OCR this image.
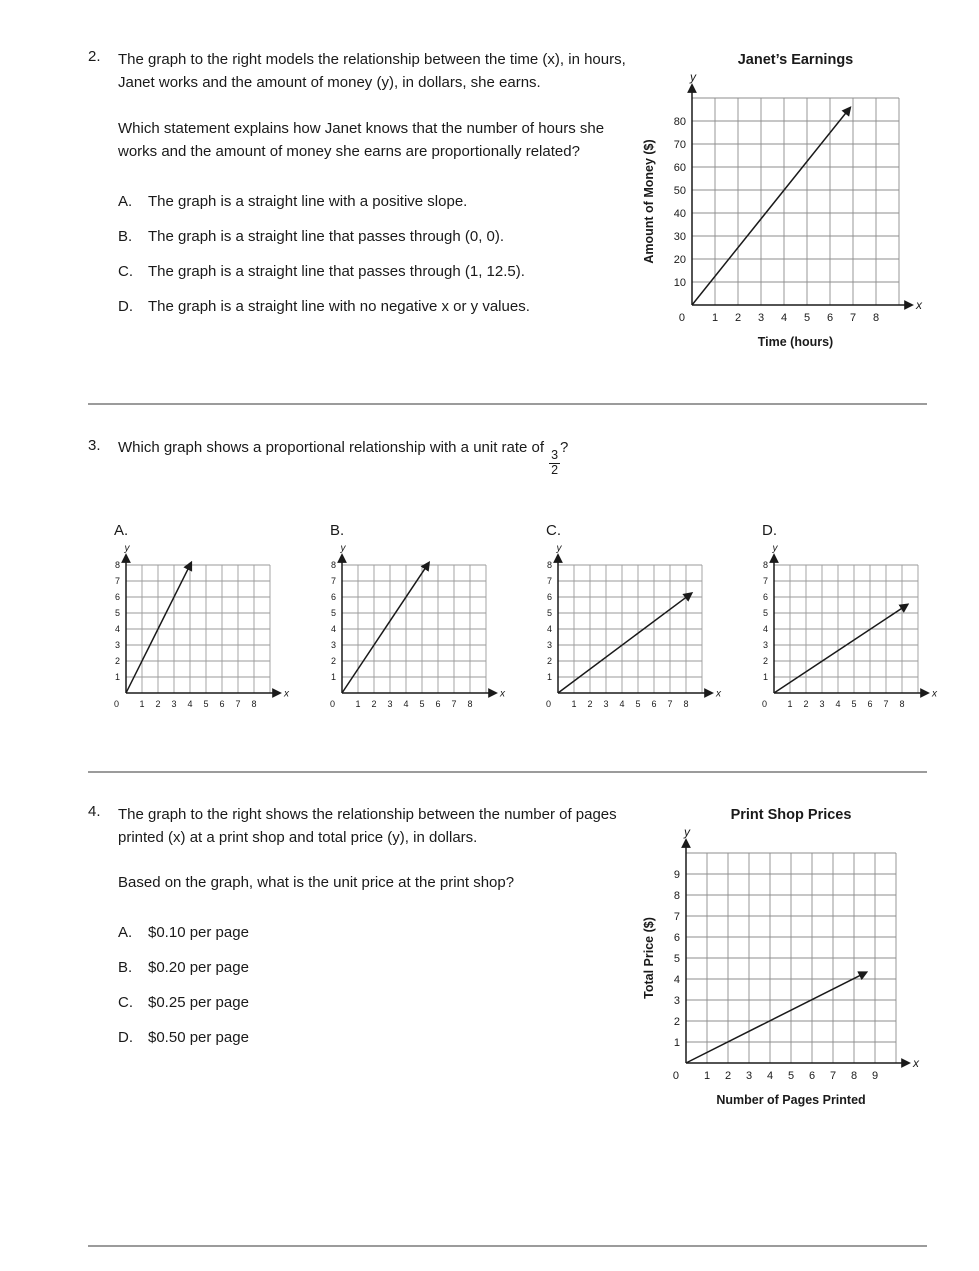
2.	The graph to the right models the relationship between the time (x), in hours, Janet works and the amount of money (y), in dollars, she earns.

Which statement explains how Janet knows that the number of hours she works and the amount of money she earns are proportionally related?

A.	The graph is a straight line with a positive slope.
B.	The graph is a straight line that passes through (0, 0).
C.	The graph is a straight line that passes through (1, 12.5).
D.	The graph is a straight line with no negative x or y values.
10
20
30
40
50
60
70
80
1 2 3 4 5 6 7 8
0
y
x
Janet’s Earnings
Time (hours)
Amount of Money ($)
3.	Which graph shows a proportional relationship with a unit rate of
$\frac{3}{2}$
?

A.
1
2
3
4
5
6
7
8
1 2 3 4 5 6 7 8
0
y
x
B.
1
2
3
4
5
6
7
8
1 2 3 4 5 6 7 8
0
y
x
C.
1
2
3
4
5
6
7
8
1 2 3 4 5 6 7 8
0
y
x
D.
1
2
3
4
5
6
7
8
1 2 3 4 5 6 7 8
0
y
x
4.	The graph to the right shows the relationship between the number of pages printed (x) at a print shop and total price (y), in dollars.

Based on the graph, what is the unit price at the print shop?

A.	$0.10 per page
B.	$0.20 per page
C.	$0.25 per page
D.	$0.50 per page	1
2
3
4
5
6
7
8
9
1 2 3 4 5 6 7 8 9
0
y
x
Print Shop Prices
Number of Pages Printed
Total Price ($)
